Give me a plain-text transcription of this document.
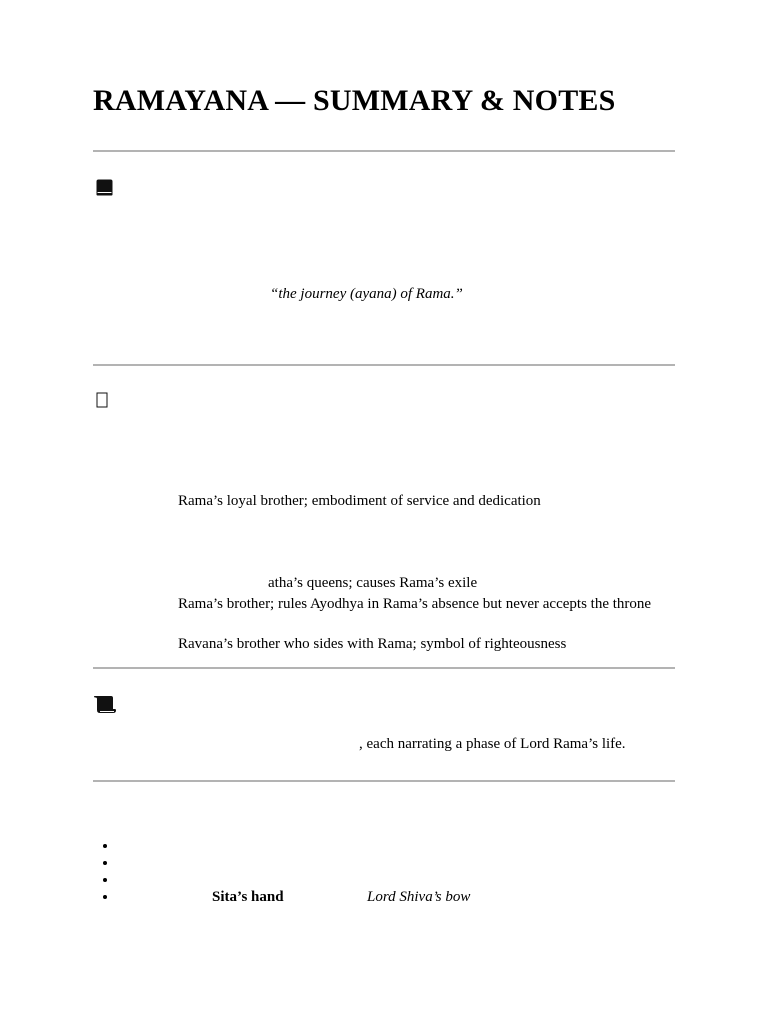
RAMAYANA — SUMMARY & NOTES
“the journey (ayana) of Rama.”
Rama’s loyal brother; embodiment of service and dedication
atha’s queens; causes Rama’s exile
Rama’s brother; rules Ayodhya in Rama’s absence but never accepts the throne
Ravana’s brother who sides with Rama; symbol of righteousness
, each narrating a phase of Lord Rama’s life.
•
•
•
• Sita’s hand	Lord Shiva’s bow
